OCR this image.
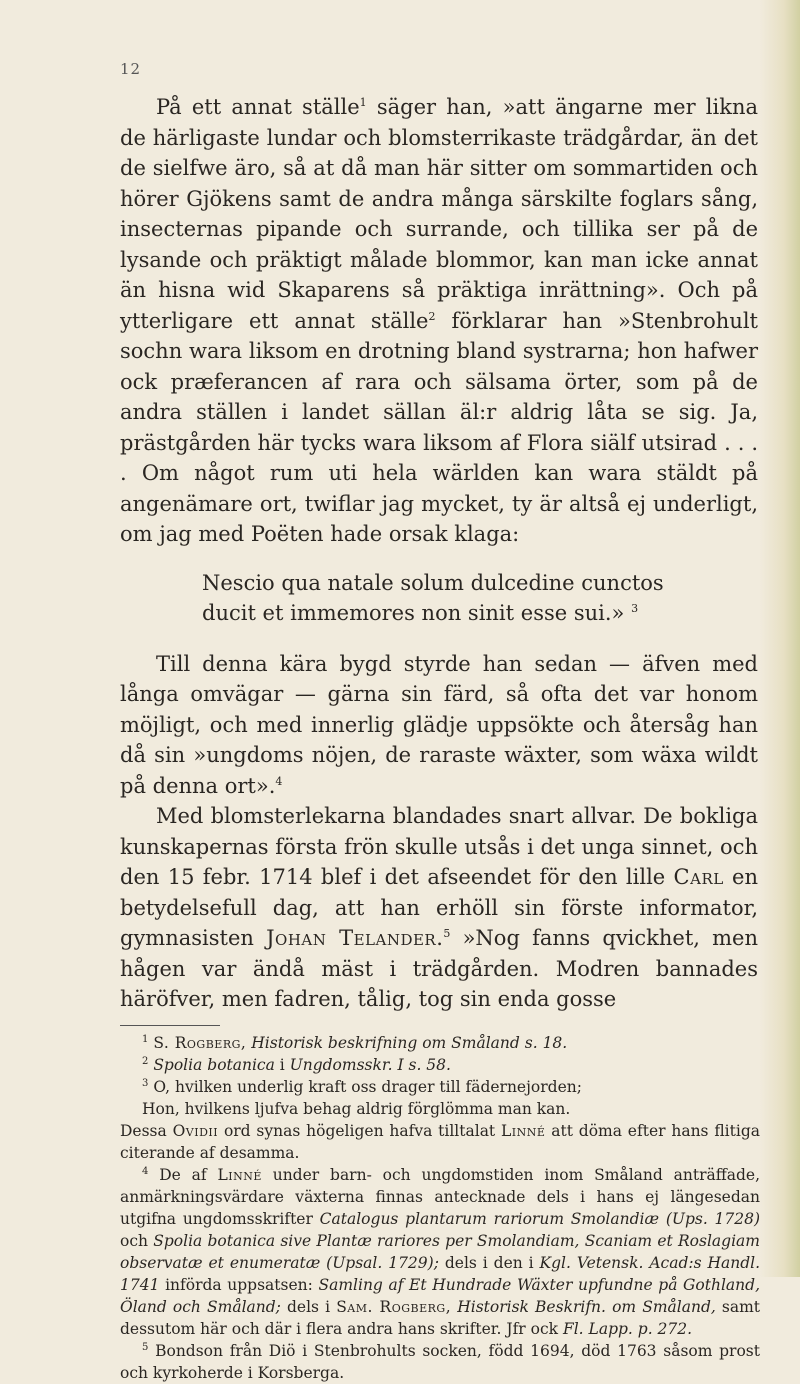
12

På ett annat ställe$^1$ säger han, »att ängarne mer likna de härligaste lundar och blomsterrikaste trädgårdar, än det de sielfwe äro, så at då man här sitter om sommartiden och hörer Gjökens samt de andra många särskilte foglars sång, insecternas pipande och surrande, och tillika ser på de lysande och präktigt målade blommor, kan man icke annat än hisna wid Skaparens så präktiga inrättning». Och på ytterligare ett annat ställe$^2$ förklarar han »Stenbrohult sochn wara liksom en drotning bland systrarna; hon hafwer ock præferancen af rara och sälsama örter, som på de andra ställen i landet sällan äl:r aldrig låta se sig. Ja, prästgården här tycks wara liksom af Flora siälf utsirad . . . . Om något rum uti hela wärlden kan wara stäldt på angenämare ort, twiflar jag mycket, ty är altså ej underligt, om jag med Poëten hade orsak klaga:

Nescio qua natale solum dulcedine cunctos
ducit et immemores non sinit esse sui.» $^3$

Till denna kära bygd styrde han sedan — äfven med långa omvägar — gärna sin färd, så ofta det var honom möjligt, och med innerlig glädje uppsökte och återsåg han då sin »ungdoms nöjen, de raraste wäxter, som wäxa wildt på denna ort».$^4$

Med blomsterlekarna blandades snart allvar. De bokliga kunskapernas första frön skulle utsås i det unga sinnet, och den 15 febr. 1714 blef i det afseendet för den lille Carl en betydelsefull dag, att han erhöll sin förste informator, gymnasisten Johan Telander.$^5$ »Nog fanns qvickhet, men hågen var ändå mäst i trädgården. Modren bannades häröfver, men fadren, tålig, tog sin enda gosse

$^1$ S. Rogberg, Historisk beskrifning om Småland s. 18.

$^2$ Spolia botanica i Ungdomsskr. I s. 58.

$^3$ O, hvilken underlig kraft oss drager till fädernejorden;

Hon, hvilkens ljufva behag aldrig förglömma man kan.

Dessa Ovidii ord synas högeligen hafva tilltalat Linné att döma efter hans flitiga citerande af desamma.

$^4$ De af Linné under barn- och ungdomstiden inom Småland anträffade, anmärkningsvärdare växterna finnas antecknade dels i hans ej längesedan utgifna ungdomsskrifter Catalogus plantarum rariorum Smolandiæ (Ups. 1728) och Spolia botanica sive Plantæ rariores per Smolandiam, Scaniam et Roslagiam observatæ et enumeratæ (Upsal. 1729); dels i den i Kgl. Vetensk. Acad:s Handl. 1741 införda uppsatsen: Samling af Et Hundrade Wäxter upfundne på Gothland, Öland och Småland; dels i Sam. Rogberg, Historisk Beskrifn. om Småland, samt dessutom här och där i flera andra hans skrifter. Jfr ock Fl. Lapp. p. 272.

$^5$ Bondson från Diö i Stenbrohults socken, född 1694, död 1763 såsom prost och kyrkoherde i Korsberga.
